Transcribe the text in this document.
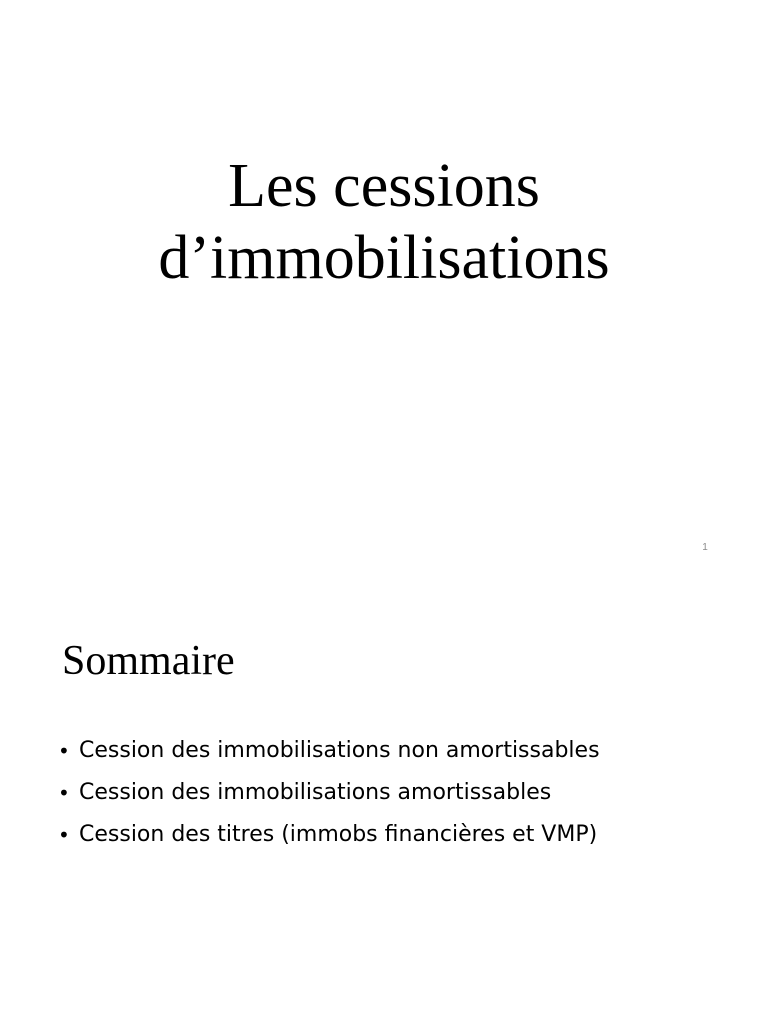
Les cessions
d’immobilisations
1
Sommaire
• Cession des immobilisations non amortissables
• Cession des immobilisations amortissables
• Cession des titres (immobs financières et VMP)
